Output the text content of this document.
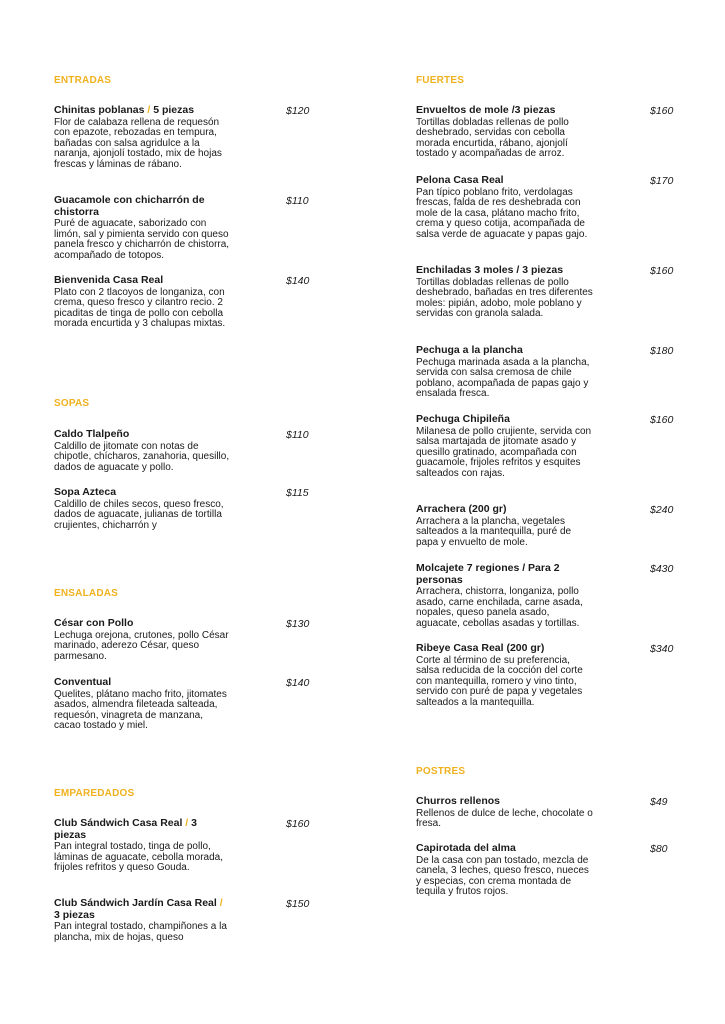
ENTRADAS
Chinitas poblanas / 5 piezas
Flor de calabaza rellena de requesón con epazote, rebozadas en tempura, bañadas con salsa agridulce a la naranja, ajonjolí tostado, mix de hojas frescas y láminas de rábano.
$120
Guacamole con chicharrón de chistorra
Puré de aguacate, saborizado con limón, sal y pimienta servido con queso panela fresco y chicharrón de chistorra, acompañado de totopos.
$110
Bienvenida Casa Real
Plato con 2 tlacoyos de longaniza, con crema, queso fresco y cilantro recio. 2 picaditas de tinga de pollo con cebolla morada encurtida y 3 chalupas mixtas.
$140
SOPAS
Caldo Tlalpeño
Caldillo de jitomate con notas de chipotle, chícharos, zanahoria, quesillo, dados de aguacate y pollo.
$110
Sopa Azteca
Caldillo de chiles secos, queso fresco, dados de aguacate, julianas de tortilla crujientes, chicharrón y
$115
ENSALADAS
César con Pollo
Lechuga orejona, crutones, pollo César marinado, aderezo César, queso parmesano.
$130
Conventual
Quelites, plátano macho frito, jitomates asados, almendra fileteada salteada, requesón, vinagreta de manzana, cacao tostado y miel.
$140
EMPAREDADOS
Club Sándwich Casa Real / 3 piezas
Pan integral tostado, tinga de pollo, láminas de aguacate, cebolla morada, frijoles refritos y queso Gouda.
$160
Club Sándwich Jardín Casa Real / 3 piezas
Pan integral tostado, champiñones a la plancha, mix de hojas, queso
$150
FUERTES
Envueltos de mole /3 piezas
Tortillas dobladas rellenas de pollo deshebrado, servidas con cebolla morada encurtida, rábano, ajonjolí tostado y acompañadas de arroz.
$160
Pelona Casa Real
Pan típico poblano frito, verdolagas frescas, falda de res deshebrada con mole de la casa, plátano macho frito, crema y queso cotija, acompañada de salsa verde de aguacate y papas gajo.
$170
Enchiladas 3 moles / 3 piezas
Tortillas dobladas rellenas de pollo deshebrado, bañadas en tres diferentes moles: pipián, adobo, mole poblano y servidas con granola salada.
$160
Pechuga a la plancha
Pechuga marinada asada a la plancha, servida con salsa cremosa de chile poblano, acompañada de papas gajo y ensalada fresca.
$180
Pechuga Chipileña
Milanesa de pollo crujiente, servida con salsa martajada de jitomate asado y quesillo gratinado, acompañada con guacamole, frijoles refritos y esquites salteados con rajas.
$160
Arrachera (200 gr)
Arrachera a la plancha, vegetales salteados a la mantequilla, puré de papa y envuelto de mole.
$240
Molcajete 7 regiones / Para 2 personas
Arrachera, chistorra, longaniza, pollo asado, carne enchilada, carne asada, nopales, queso panela asado, aguacate, cebollas asadas y tortillas.
$430
Ribeye Casa Real (200 gr)
Corte al término de su preferencia, salsa reducida de la cocción del corte con mantequilla, romero y vino tinto, servido con puré de papa y vegetales salteados a la mantequilla.
$340
POSTRES
Churros rellenos
Rellenos de dulce de leche, chocolate o fresa.
$49
Capirotada del alma
De la casa con pan tostado, mezcla de canela, 3 leches, queso fresco, nueces y especias, con crema montada de tequila y frutos rojos.
$80
